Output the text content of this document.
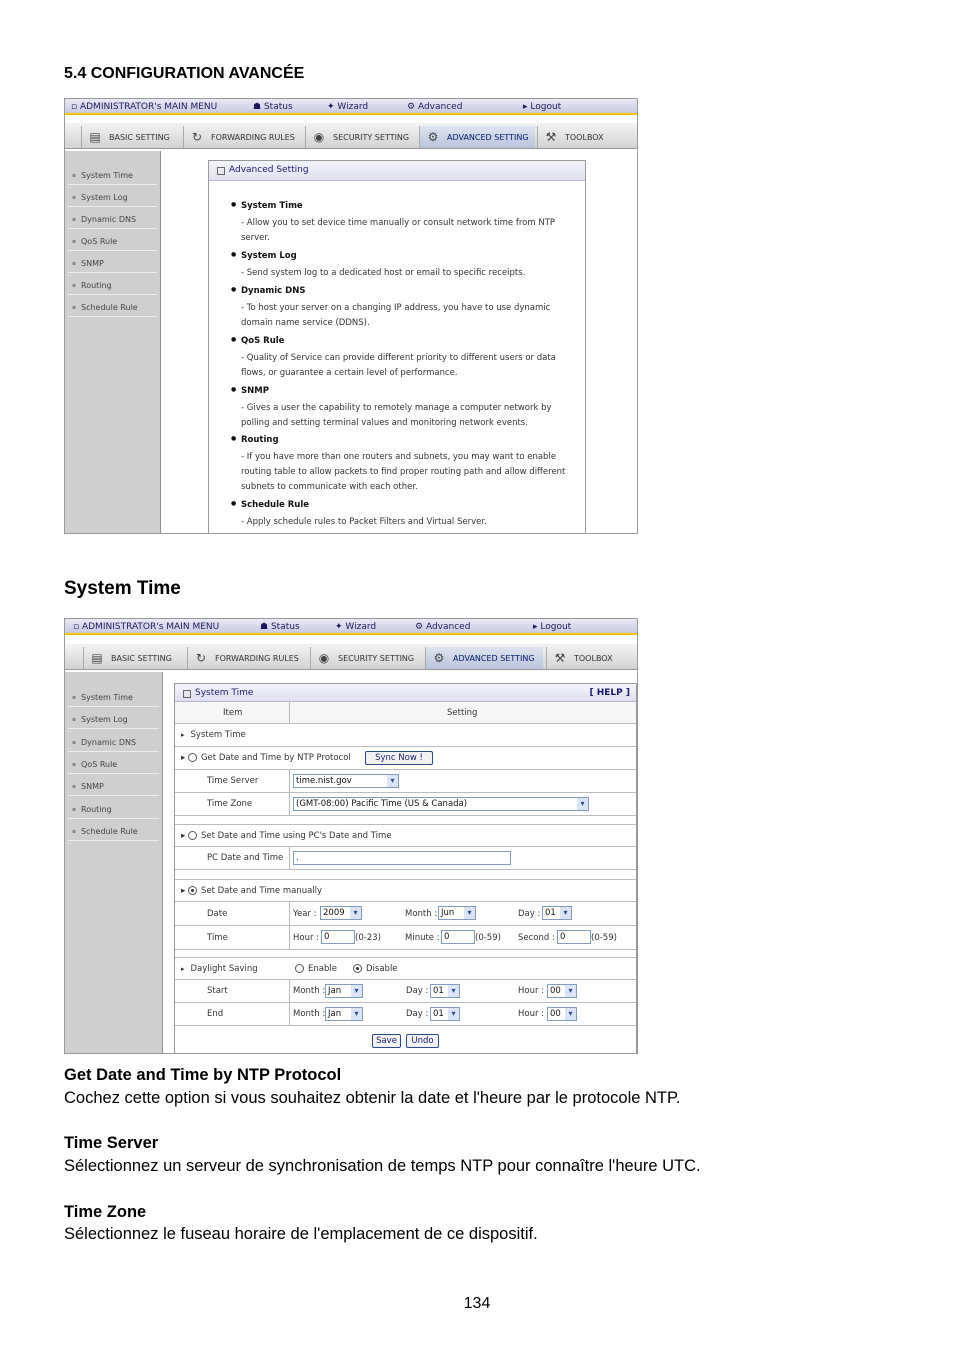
5.4 CONFIGURATION AVANCÉE
▫ ADMINISTRATOR's MAIN MENU	☗ Status	✦ Wizard	⚙ Advanced	▸ Logout
▤	BASIC SETTING	↻	FORWARDING RULES	◉	SECURITY SETTING	⚙	ADVANCED SETTING	⚒	TOOLBOX
▪ System Time
▪ System Log
▪ Dynamic DNS
▪ QoS Rule
▪ SNMP
▪ Routing
▪ Schedule Rule
Advanced Setting
● System Time
- Allow you to set device time manually or consult network time from NTP server.
● System Log
- Send system log to a dedicated host or email to specific receipts.
● Dynamic DNS
- To host your server on a changing IP address, you have to use dynamic domain name service (DDNS).
● QoS Rule
- Quality of Service can provide different priority to different users or data flows, or guarantee a certain level of performance.
● SNMP
- Gives a user the capability to remotely manage a computer network by polling and setting terminal values and monitoring network events.
● Routing
- If you have more than one routers and subnets, you may want to enable routing table to allow packets to find proper routing path and allow different subnets to communicate with each other.
● Schedule Rule
- Apply schedule rules to Packet Filters and Virtual Server.
System Time
▫ ADMINISTRATOR's MAIN MENU	☗ Status	✦ Wizard	⚙ Advanced	▸ Logout
▤	BASIC SETTING	↻	FORWARDING RULES	◉	SECURITY SETTING	⚙	ADVANCED SETTING	⚒	TOOLBOX
▪ System Time
▪ System Log
▪ Dynamic DNS
▪ QoS Rule
▪ SNMP
▪ Routing
▪ Schedule Rule
System Time	[ HELP ]
Item	Setting
▸ System Time
▸ Get Date and Time by NTP Protocol	Sync Now !
Time Server	time.nist.gov ▾
Time Zone	(GMT-08:00) Pacific Time (US & Canada) ▾
▸ Set Date and Time using PC's Date and Time
PC Date and Time	.
▸ Set Date and Time manually
Date	Year : 2009 ▾	Month : Jun ▾	Day : 01 ▾
Time	Hour : 0	(0-23)	Minute : 0	(0-59) Second : 0	(0-59)
▸ Daylight Saving	Enable	Disable
Start	Month : Jan ▾	Day : 01 ▾	Hour : 00 ▾
End	Month : Jan ▾	Day : 01 ▾	Hour : 00 ▾
Save	Undo
Get Date and Time by NTP Protocol
Cochez cette option si vous souhaitez obtenir la date et l'heure par le protocole NTP.
Time Server
Sélectionnez un serveur de synchronisation de temps NTP pour connaître l'heure UTC.
Time Zone
Sélectionnez le fuseau horaire de l'emplacement de ce dispositif.
134
